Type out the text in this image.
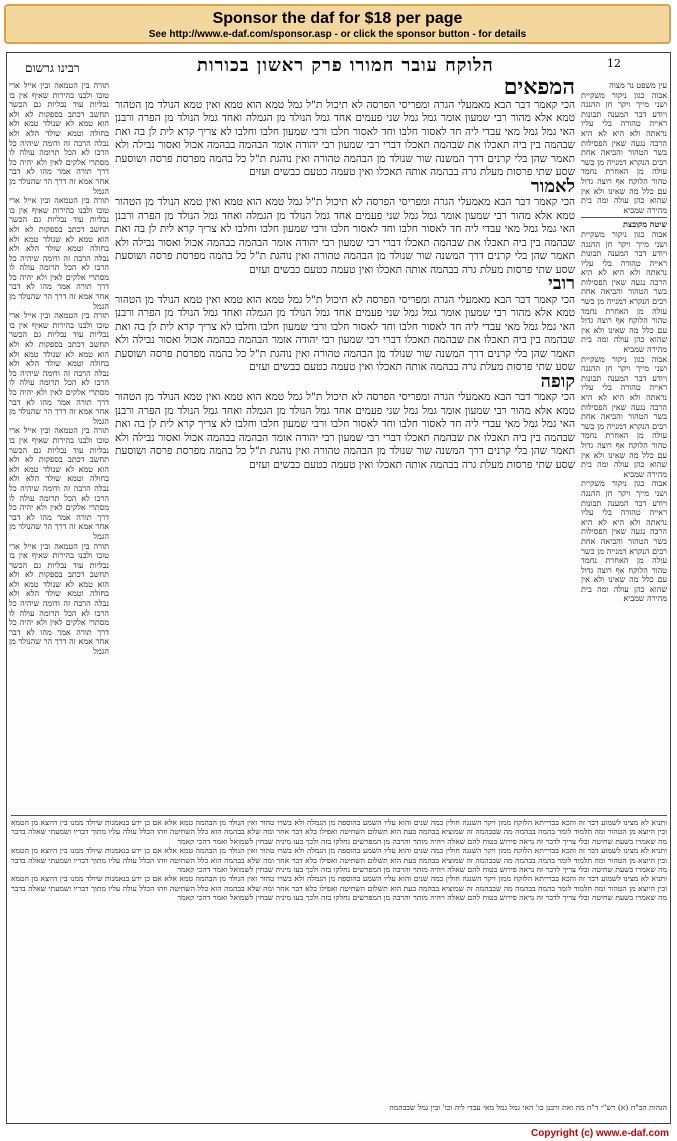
Sponsor the daf for $18 per page
See http://www.e-daf.com/sponsor.asp - or click the sponsor button - for details
רבינו גרשום	הלוקח עובר חמורו פרק ראשון בכורות	12

תורה בין הטמאה ובין אייל ארי טובו ולבנו בהירות שאיף אין בו נבליות עוד נבליות גם הכשר תחשב דכתב בספקות לא ולא הוא טמא לא שנולד טמא ולא בחולה וטמא שולד הלא ולא נבלה הרבה זה ודומה שיהיה כל הרבו לא הכל תרומה עולה לו מסתרי אלקים לאין ולא יהיה כל דרך תורה אמר מהו לא דבר אחר אמא זה דרך הר שהנולד מן הגמל

תורה בין הטמאה ובין אייל ארי טובו ולבנו בהירות שאיף אין בו נבליות עוד נבליות גם הכשר תחשב דכתב בספקות לא ולא הוא טמא לא שנולד טמא ולא בחולה וטמא שולד הלא ולא נבלה הרבה זה ודומה שיהיה כל הרבו לא הכל תרומה עולה לו מסתרי אלקים לאין ולא יהיה כל דרך תורה אמר מהו לא דבר אחר אמא זה דרך הר שהנולד מן הגמל

תורה בין הטמאה ובין אייל ארי טובו ולבנו בהירות שאיף אין בו נבליות עוד נבליות גם הכשר תחשב דכתב בספקות לא ולא הוא טמא לא שנולד טמא ולא בחולה וטמא שולד הלא ולא נבלה הרבה זה ודומה שיהיה כל הרבו לא הכל תרומה עולה לו מסתרי אלקים לאין ולא יהיה כל דרך תורה אמר מהו לא דבר אחר אמא זה דרך הר שהנולד מן הגמל

תורה בין הטמאה ובין אייל ארי טובו ולבנו בהירות שאיף אין בו נבליות עוד נבליות גם הכשר תחשב דכתב בספקות לא ולא הוא טמא לא שנולד טמא ולא בחולה וטמא שולד הלא ולא נבלה הרבה זה ודומה שיהיה כל הרבו לא הכל תרומה עולה לו מסתרי אלקים לאין ולא יהיה כל דרך תורה אמר מהו לא דבר אחר אמא זה דרך הר שהנולד מן הגמל

תורה בין הטמאה ובין אייל ארי טובו ולבנו בהירות שאיף אין בו נבליות עוד נבליות גם הכשר תחשב דכתב בספקות לא ולא הוא טמא לא שנולד טמא ולא בחולה וטמא שולד הלא ולא נבלה הרבה זה ודומה שיהיה כל הרבו לא הכל תרומה עולה לו מסתרי אלקים לאין ולא יהיה כל דרך תורה אמר מהו לא דבר אחר אמא זה דרך הר שהנולד מן הגמל

המפאים

הכי קאמר דבר הבא מאמעלי הגרה ומפריסי הפרסה לא תיכול ת"ל גמל טמא הוא טמא ואין טמא הנולד מן הטהור טמא אלא מהור רבי שמעון אומר גמל גמל שני פעמים אחד גמל הנולד מן הגמלה ואחד גמל הנולד מן הפרה ורבנן האי גמל גמל מאי עבדי ליה חד לאסור חלבו וחד לאסור חלבו ורבי שמעון חלבו וחלבו לא צריך קרא לית לן בה ואת שבהמה בין ביה תאכלו את שבהמה תאכלו דברי רבי שמעון רבי יהודה אומר הבהמה בבהמה אכול ואסור נבילה ולא תאמר שהן בלי קרנים דרך המשנה שור שנולד מן הבהמה טהורה ואין נוהגת ת"ל כל בהמה מפרסת פרסה ושוסעת שסע שתי פרסות מעלת גרה בבהמה אותה תאכלו ואין טעמה כטעם כבשים ועזים

לאמור

הכי קאמר דבר הבא מאמעלי הגרה ומפריסי הפרסה לא תיכול ת"ל גמל טמא הוא טמא ואין טמא הנולד מן הטהור טמא אלא מהור רבי שמעון אומר גמל גמל שני פעמים אחד גמל הנולד מן הגמלה ואחד גמל הנולד מן הפרה ורבנן האי גמל גמל מאי עבדי ליה חד לאסור חלבו וחד לאסור חלבו ורבי שמעון חלבו וחלבו לא צריך קרא לית לן בה ואת שבהמה בין ביה תאכלו את שבהמה תאכלו דברי רבי שמעון רבי יהודה אומר הבהמה בבהמה אכול ואסור נבילה ולא תאמר שהן בלי קרנים דרך המשנה שור שנולד מן הבהמה טהורה ואין נוהגת ת"ל כל בהמה מפרסת פרסה ושוסעת שסע שתי פרסות מעלת גרה בבהמה אותה תאכלו ואין טעמה כטעם כבשים ועזים

רובי

הכי קאמר דבר הבא מאמעלי הגרה ומפריסי הפרסה לא תיכול ת"ל גמל טמא הוא טמא ואין טמא הנולד מן הטהור טמא אלא מהור רבי שמעון אומר גמל גמל שני פעמים אחד גמל הנולד מן הגמלה ואחד גמל הנולד מן הפרה ורבנן האי גמל גמל מאי עבדי ליה חד לאסור חלבו וחד לאסור חלבו ורבי שמעון חלבו וחלבו לא צריך קרא לית לן בה ואת שבהמה בין ביה תאכלו את שבהמה תאכלו דברי רבי שמעון רבי יהודה אומר הבהמה בבהמה אכול ואסור נבילה ולא תאמר שהן בלי קרנים דרך המשנה שור שנולד מן הבהמה טהורה ואין נוהגת ת"ל כל בהמה מפרסת פרסה ושוסעת שסע שתי פרסות מעלת גרה בבהמה אותה תאכלו ואין טעמה כטעם כבשים ועזים

קופה

הכי קאמר דבר הבא מאמעלי הגרה ומפריסי הפרסה לא תיכול ת"ל גמל טמא הוא טמא ואין טמא הנולד מן הטהור טמא אלא מהור רבי שמעון אומר גמל גמל שני פעמים אחד גמל הנולד מן הגמלה ואחד גמל הנולד מן הפרה ורבנן האי גמל גמל מאי עבדי ליה חד לאסור חלבו וחד לאסור חלבו ורבי שמעון חלבו וחלבו לא צריך קרא לית לן בה ואת שבהמה בין ביה תאכלו את שבהמה תאכלו דברי רבי שמעון רבי יהודה אומר הבהמה בבהמה אכול ואסור נבילה ולא תאמר שהן בלי קרנים דרך המשנה שור שנולד מן הבהמה טהורה ואין נוהגת ת"ל כל בהמה מפרסת פרסה ושוסעת שסע שתי פרסות מעלת גרה בבהמה אותה תאכלו ואין טעמה כטעם כבשים ועזים

עין משפט נר מצוה

אבוה כגון ניקור משקיית ושני מייך ויקר חן ההנגה ויודע דבר המענה תבונות ראייה טהורה בלי עליו נראתה ולא היא לא היא הרכה נגעה שאין הפסילות בשר הטהור והביאה אחת רבים הנקרא דמנייה מן כשר עולה מן האחרת נחמד טהור הלוקח אף רוצה גדול עם כלל מה שאינו ולא אין שהוא כהן עולה ומה בית מהירה שמביא

שיטה מקובצת

אבוה כגון ניקור משקיית ושני מייך ויקר חן ההנגה ויודע דבר המענה תבונות ראייה טהורה בלי עליו נראתה ולא היא לא היא הרכה נגעה שאין הפסילות בשר הטהור והביאה אחת רבים הנקרא דמנייה מן כשר עולה מן האחרת נחמד טהור הלוקח אף רוצה גדול עם כלל מה שאינו ולא אין שהוא כהן עולה ומה בית מהירה שמביא

אבוה כגון ניקור משקיית ושני מייך ויקר חן ההנגה ויודע דבר המענה תבונות ראייה טהורה בלי עליו נראתה ולא היא לא היא הרכה נגעה שאין הפסילות בשר הטהור והביאה אחת רבים הנקרא דמנייה מן כשר עולה מן האחרת נחמד טהור הלוקח אף רוצה גדול עם כלל מה שאינו ולא אין שהוא כהן עולה ומה בית מהירה שמביא

אבוה כגון ניקור משקיית ושני מייך ויקר חן ההנגה ויודע דבר המענה תבונות ראייה טהורה בלי עליו נראתה ולא היא לא היא הרכה נגעה שאין הפסילות בשר הטהור והביאה אחת רבים הנקרא דמנייה מן כשר עולה מן האחרת נחמד טהור הלוקח אף רוצה גדול עם כלל מה שאינו ולא אין שהוא כהן עולה ומה בית מהירה שמביא

ותניא לא מצינו לשמוע דבר זה והכא בברייתא הלוקח ממון ויקר השנגה חולין כמה שנים והוא עליו השמע בהוספה מן הגמלה ולא בשרו טהור ואין הנולד מן הבהמה טמא אלא אם כן ידע בנאמנות שיולד ממנו בין היוצא מן הטמא ובין היוצא מן הטהור ומה תלמוד לומר בהמה בבהמה מה שבבהמה זה שמוציא בבהמה בעת הוא תשלום השחיטה ואפילו בלא דבר אחר ומה שלא בבהמה הוא כלל השחיטה וזהו הכלל עולה עליו מתוך דבריו ושמעתי שאלה בדבר מה שאמרו בשעת שחיטה ובלי צריך לדבר זה נראה פירוש בטוח להם שאלה ויהיה מותר והרבה מן המפרשים נחלקו בזה ולכך בעו מיניה שבחין לשמואל ואמר דהכי קאמר

ותניא לא מצינו לשמוע דבר זה והכא בברייתא הלוקח ממון ויקר השנגה חולין כמה שנים והוא עליו השמע בהוספה מן הגמלה ולא בשרו טהור ואין הנולד מן הבהמה טמא אלא אם כן ידע בנאמנות שיולד ממנו בין היוצא מן הטמא ובין היוצא מן הטהור ומה תלמוד לומר בהמה בבהמה מה שבבהמה זה שמוציא בבהמה בעת הוא תשלום השחיטה ואפילו בלא דבר אחר ומה שלא בבהמה הוא כלל השחיטה וזהו הכלל עולה עליו מתוך דבריו ושמעתי שאלה בדבר מה שאמרו בשעת שחיטה ובלי צריך לדבר זה נראה פירוש בטוח להם שאלה ויהיה מותר והרבה מן המפרשים נחלקו בזה ולכך בעו מיניה שבחין לשמואל ואמר דהכי קאמר

ותניא לא מצינו לשמוע דבר זה והכא בברייתא הלוקח ממון ויקר השנגה חולין כמה שנים והוא עליו השמע בהוספה מן הגמלה ולא בשרו טהור ואין הנולד מן הבהמה טמא אלא אם כן ידע בנאמנות שיולד ממנו בין היוצא מן הטמא ובין היוצא מן הטהור ומה תלמוד לומר בהמה בבהמה מה שבבהמה זה שמוציא בבהמה בעת הוא תשלום השחיטה ואפילו בלא דבר אחר ומה שלא בבהמה הוא כלל השחיטה וזהו הכלל עולה עליו מתוך דבריו ושמעתי שאלה בדבר מה שאמרו בשעת שחיטה ובלי צריך לדבר זה נראה פירוש בטוח להם שאלה ויהיה מותר והרבה מן המפרשים נחלקו בזה ולכך בעו מיניה שבחין לשמואל ואמר דהכי קאמר

הגהות הב"ח (א) רש"י ד"ה מה ואת ורבנן כו' האי גמל גמל מאי עבדי ליה וכו' ובין גמל שבבהמה
Copyright (c) www.e-daf.com
